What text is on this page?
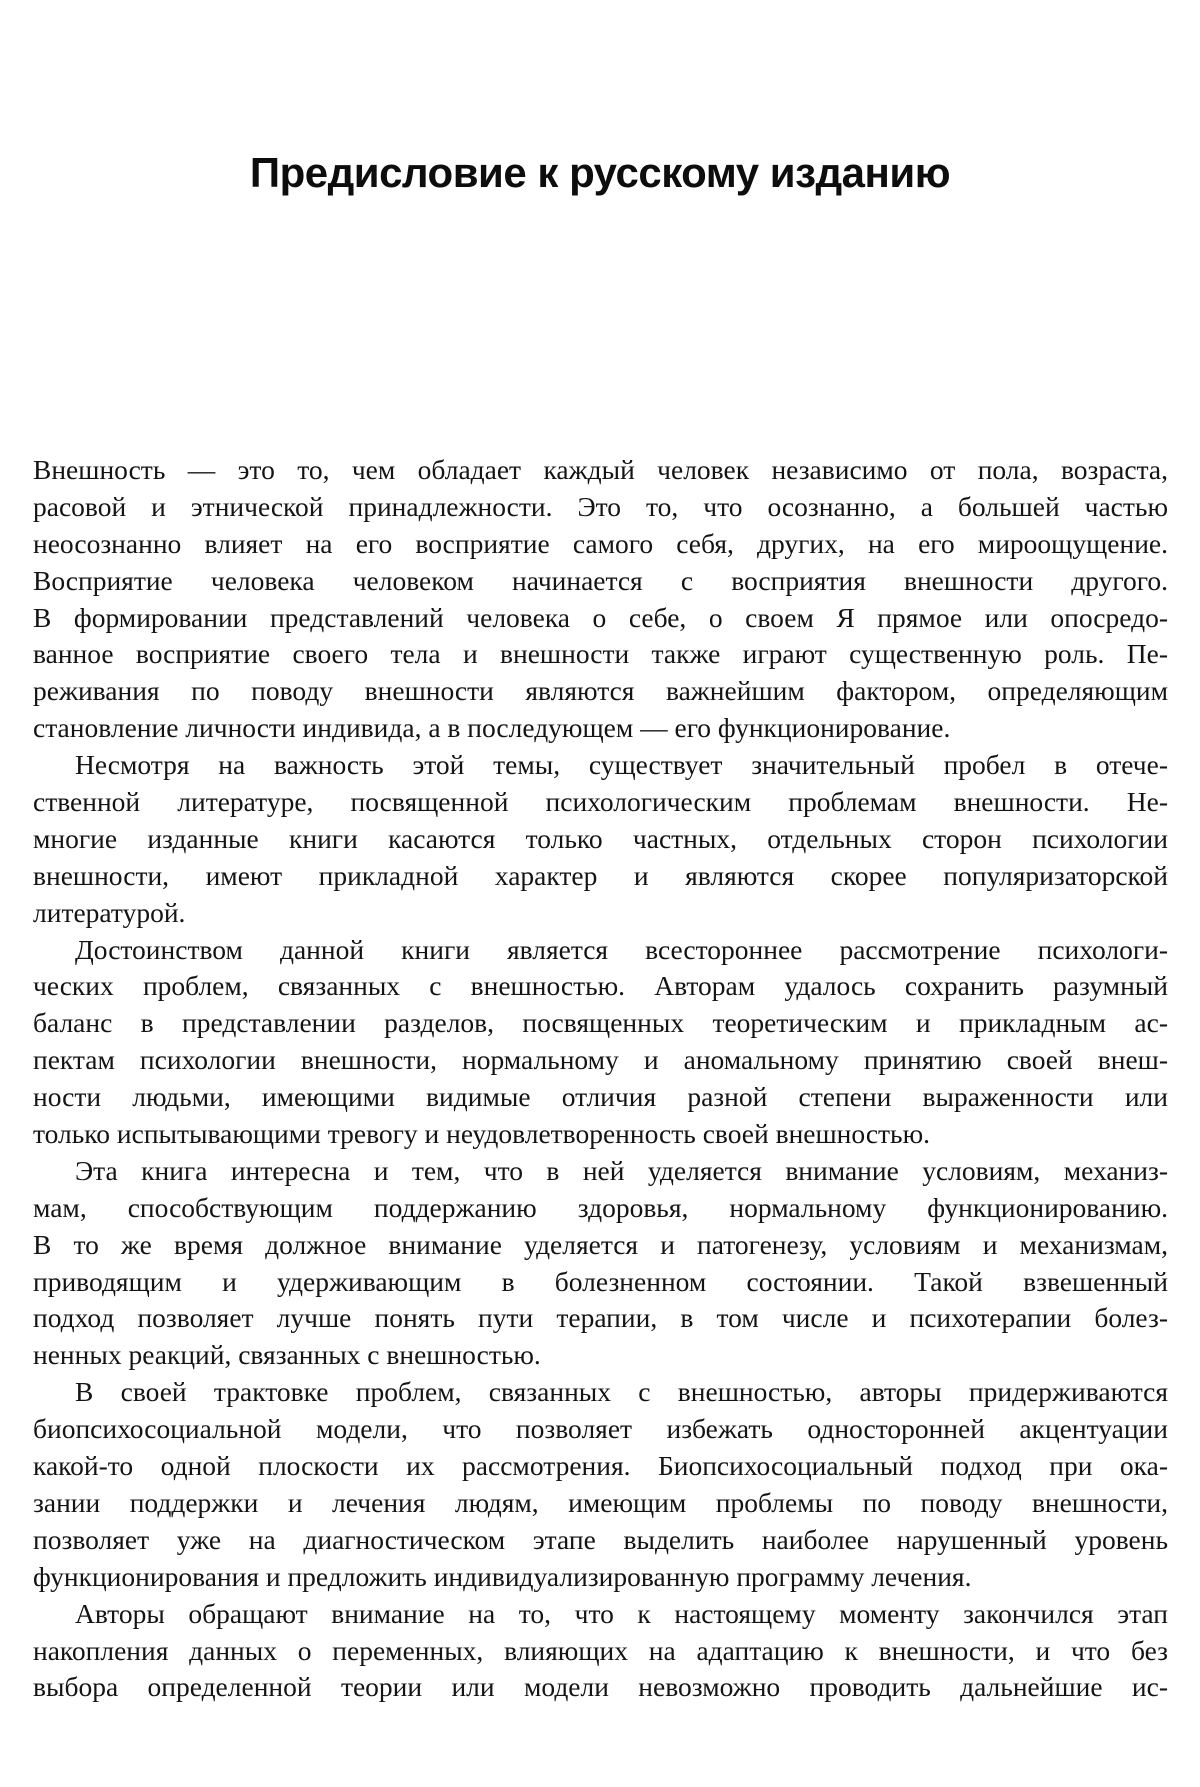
Предисловие к русскому изданию
Внешность — это то, чем обладает каждый человек независимо от пола, возраста,
расовой и этнической принадлежности. Это то, что осознанно, а большей частью
неосознанно влияет на его восприятие самого себя, других, на его мироощущение.
Восприятие человека человеком начинается с восприятия внешности другого.
В формировании представлений человека о себе, о своем Я прямое или опосредо-
ванное восприятие своего тела и внешности также играют существенную роль. Пе-
реживания по поводу внешности являются важнейшим фактором, определяющим
становление личности индивида, а в последующем — его функционирование.
Несмотря на важность этой темы, существует значительный пробел в отече-
ственной литературе, посвященной психологическим проблемам внешности. Не-
многие изданные книги касаются только частных, отдельных сторон психологии
внешности, имеют прикладной характер и являются скорее популяризаторской
литературой.
Достоинством данной книги является всестороннее рассмотрение психологи-
ческих проблем, связанных с внешностью. Авторам удалось сохранить разумный
баланс в представлении разделов, посвященных теоретическим и прикладным ас-
пектам психологии внешности, нормальному и аномальному принятию своей внеш-
ности людьми, имеющими видимые отличия разной степени выраженности или
только испытывающими тревогу и неудовлетворенность своей внешностью.
Эта книга интересна и тем, что в ней уделяется внимание условиям, механиз-
мам, способствующим поддержанию здоровья, нормальному функционированию.
В то же время должное внимание уделяется и патогенезу, условиям и механизмам,
приводящим и удерживающим в болезненном состоянии. Такой взвешенный
подход позволяет лучше понять пути терапии, в том числе и психотерапии болез-
ненных реакций, связанных с внешностью.
В своей трактовке проблем, связанных с внешностью, авторы придерживаются
биопсихосоциальной модели, что позволяет избежать односторонней акцентуации
какой-то одной плоскости их рассмотрения. Биопсихосоциальный подход при ока-
зании поддержки и лечения людям, имеющим проблемы по поводу внешности,
позволяет уже на диагностическом этапе выделить наиболее нарушенный уровень
функционирования и предложить индивидуализированную программу лечения.
Авторы обращают внимание на то, что к настоящему моменту закончился этап
накопления данных о переменных, влияющих на адаптацию к внешности, и что без
выбора определенной теории или модели невозможно проводить дальнейшие ис-
